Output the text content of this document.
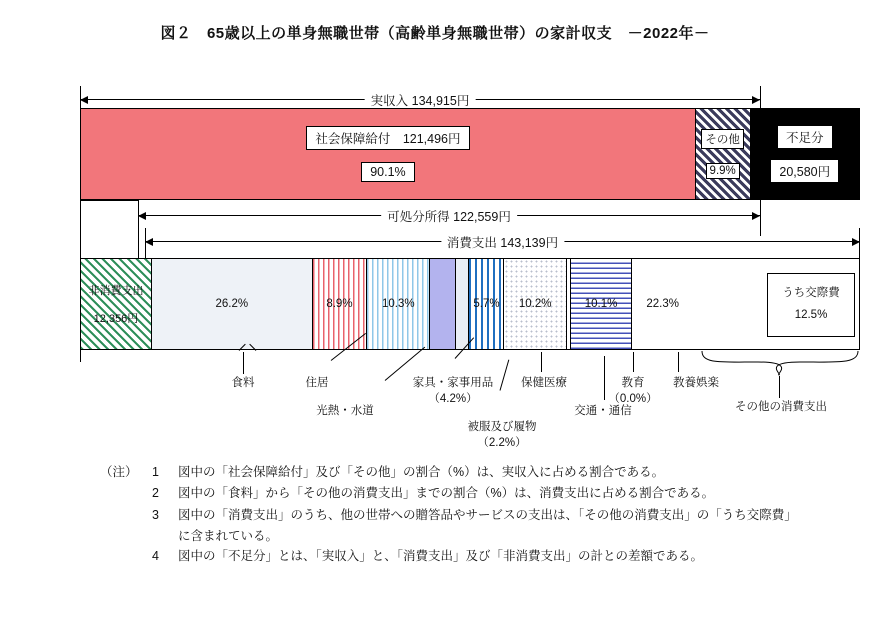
図２　65歳以上の単身無職世帯（高齢単身無職世帯）の家計収支　－2022年－
実収入 134,915円
社会保障給付　121,496円
90.1%
その他
9.9%
不足分
20,580円
可処分所得 122,559円
消費支出 143,139円
非消費支出
12,356円
26.2%	8.9%	10.3%	5.7% 10.2%	10.1%	22.3%
うち交際費
12.5%
食料	住居
光熱・水道
家具・家事用品
（4.2%）
被服及び履物
（2.2%）
保健医療
交通・通信
教育
（0.0%）
教養娯楽
その他の消費支出
（注）	1	図中の「社会保障給付」及び「その他」の割合（%）は、実収入に占める割合である。
2	図中の「食料」から「その他の消費支出」までの割合（%）は、消費支出に占める割合である。
3	図中の「消費支出」のうち、他の世帯への贈答品やサービスの支出は、「その他の消費支出」の「うち交際費」
に含まれている。
4	図中の「不足分」とは、「実収入」と、「消費支出」及び「非消費支出」の計との差額である。
